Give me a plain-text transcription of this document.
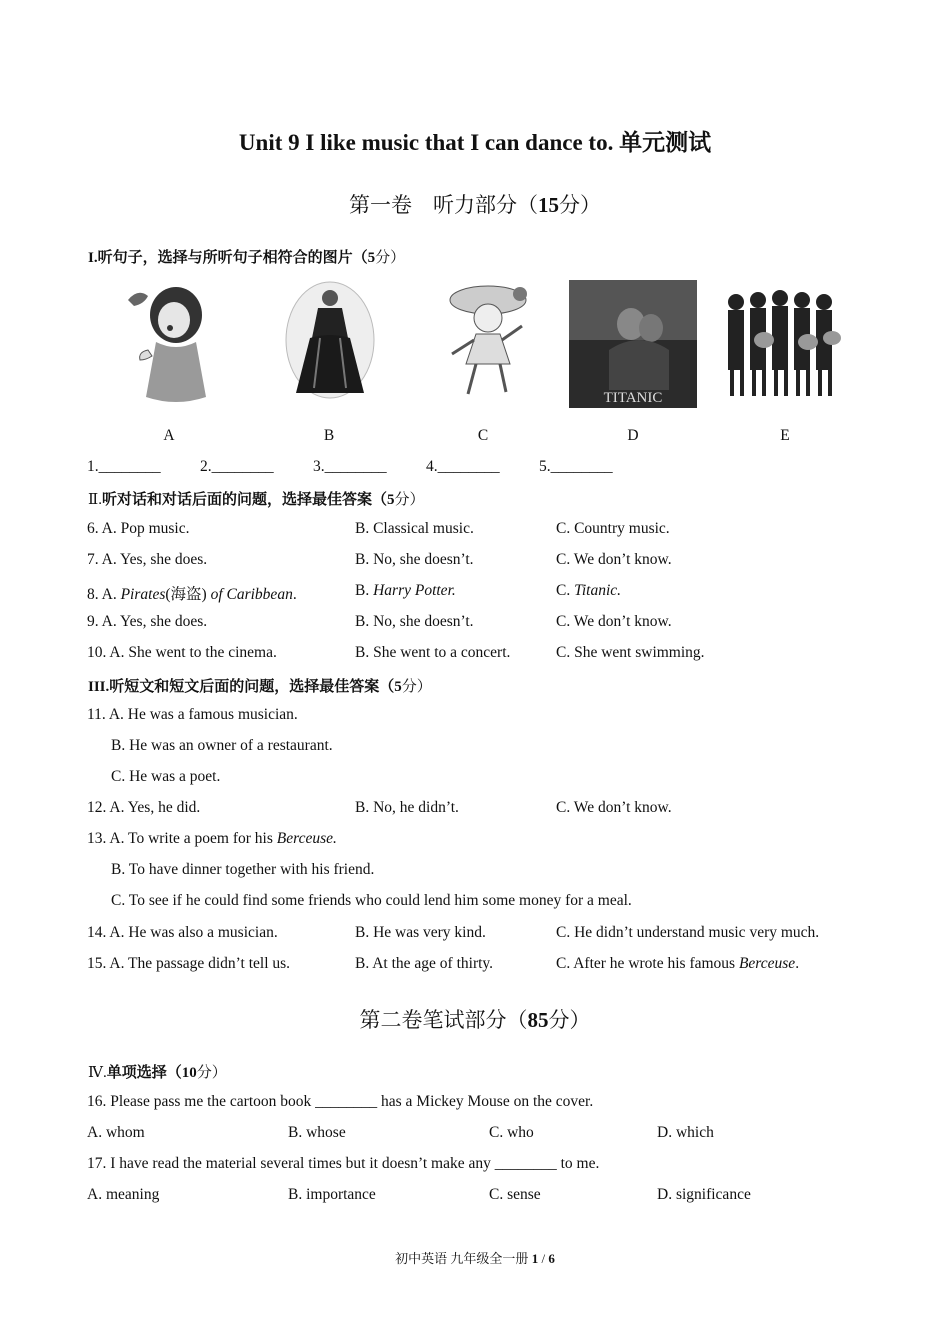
Unit 9 I like music that I can dance to. 单元测试
第一卷　听力部分（15分）
I.听句子，选择与所听句子相符合的图片（5分）
TITANIC
A	B	C	D	E
1.________	2.________	3.________	4.________	5.________
Ⅱ.听对话和对话后面的问题，选择最佳答案（5分）
6. A. Pop music.	B. Classical music.	C. Country music.
7. A. Yes, she does.	B. No, she doesn’t.	C. We don’t know.
8. A. Pirates(海盗) of Caribbean.	B. Harry Potter.	C. Titanic.
9. A. Yes, she does.	B. No, she doesn’t.	C. We don’t know.
10. A. She went to the cinema.	B. She went to a concert.	C. She went swimming.
III.听短文和短文后面的问题，选择最佳答案（5分）
11. A. He was a famous musician.
B. He was an owner of a restaurant.
C. He was a poet.
12. A. Yes, he did.	B. No, he didn’t.	C. We don’t know.
13. A. To write a poem for his Berceuse.
B. To have dinner together with his friend.
C. To see if he could find some friends who could lend him some money for a meal.
14. A. He was also a musician.	B. He was very kind.	C. He didn’t understand music very much.
15. A. The passage didn’t tell us.	B. At the age of thirty.	C. After he wrote his famous Berceuse.
第二卷笔试部分（85分）
Ⅳ.单项选择（10分）
16. Please pass me the cartoon book ________ has a Mickey Mouse on the cover.
A. whom	B. whose	C. who	D. which
17. I have read the material several times but it doesn’t make any ________ to me.
A. meaning	B. importance	C. sense	D. significance
初中英语 九年级全一册 1 / 6
